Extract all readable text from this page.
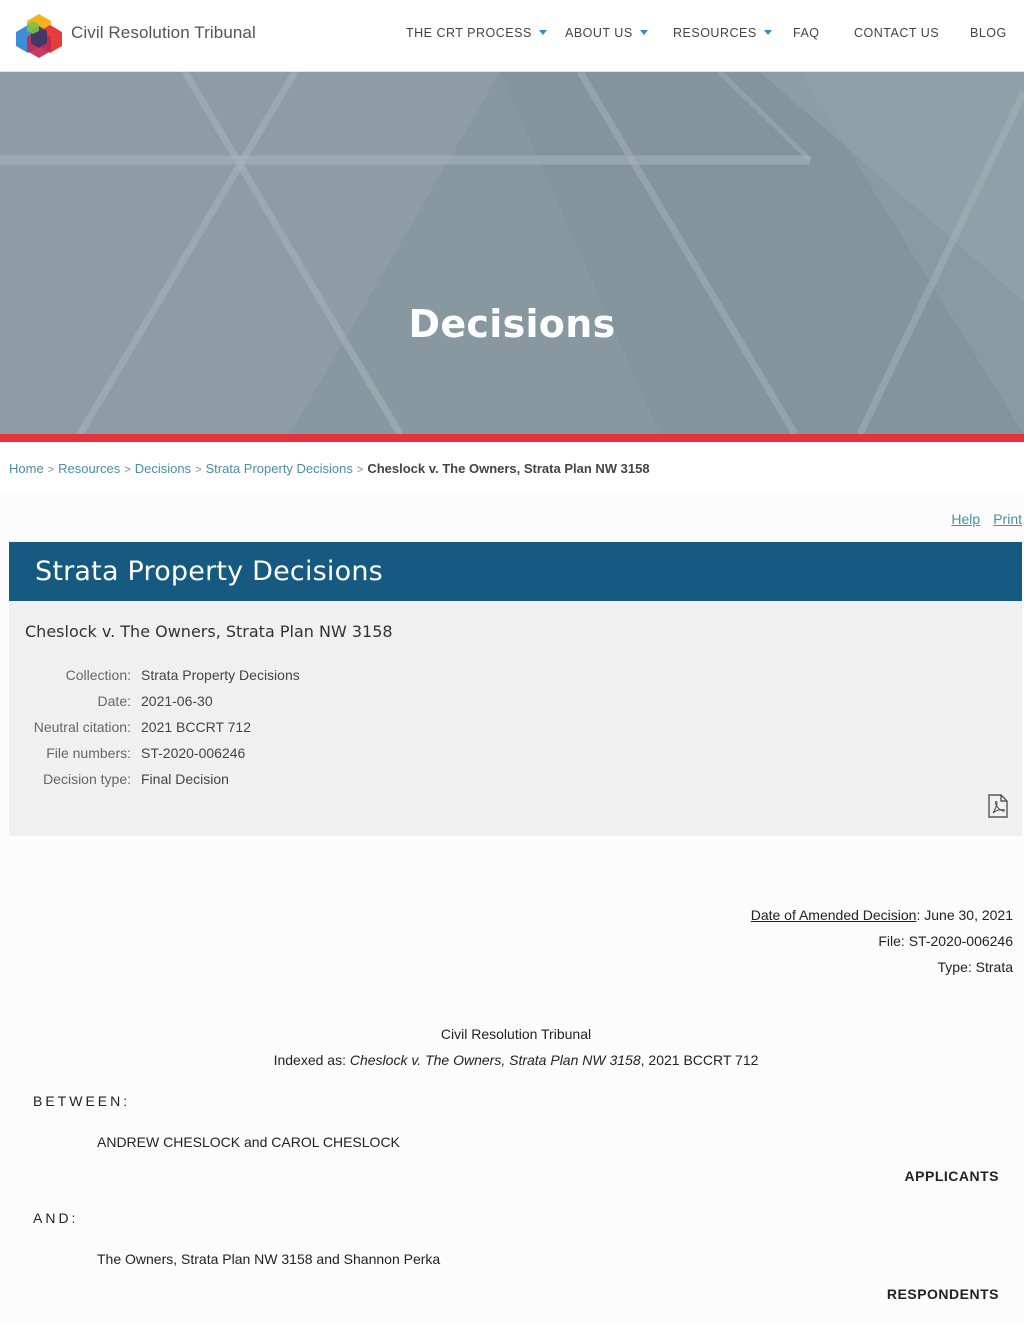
Civil Resolution Tribunal	THE CRT PROCESS	ABOUT US	RESOURCES	FAQ	CONTACT US BLOG
Decisions
Home > Resources > Decisions > Strata Property Decisions > Cheslock v. The Owners, Strata Plan NW 3158
Help Print
Strata Property Decisions
Cheslock v. The Owners, Strata Plan NW 3158
Collection: Strata Property Decisions
Date: 2021-06-30
Neutral citation: 2021 BCCRT 712
File numbers: ST-2020-006246
Decision type: Final Decision
Date of Amended Decision: June 30, 2021
File: ST-2020-006246
Type: Strata
Civil Resolution Tribunal
Indexed as: Cheslock v. The Owners, Strata Plan NW 3158, 2021 BCCRT 712
BETWEEN:
ANDREW CHESLOCK and CAROL CHESLOCK
APPLICANTS
AND:
The Owners, Strata Plan NW 3158 and Shannon Perka
RESPONDENTS
